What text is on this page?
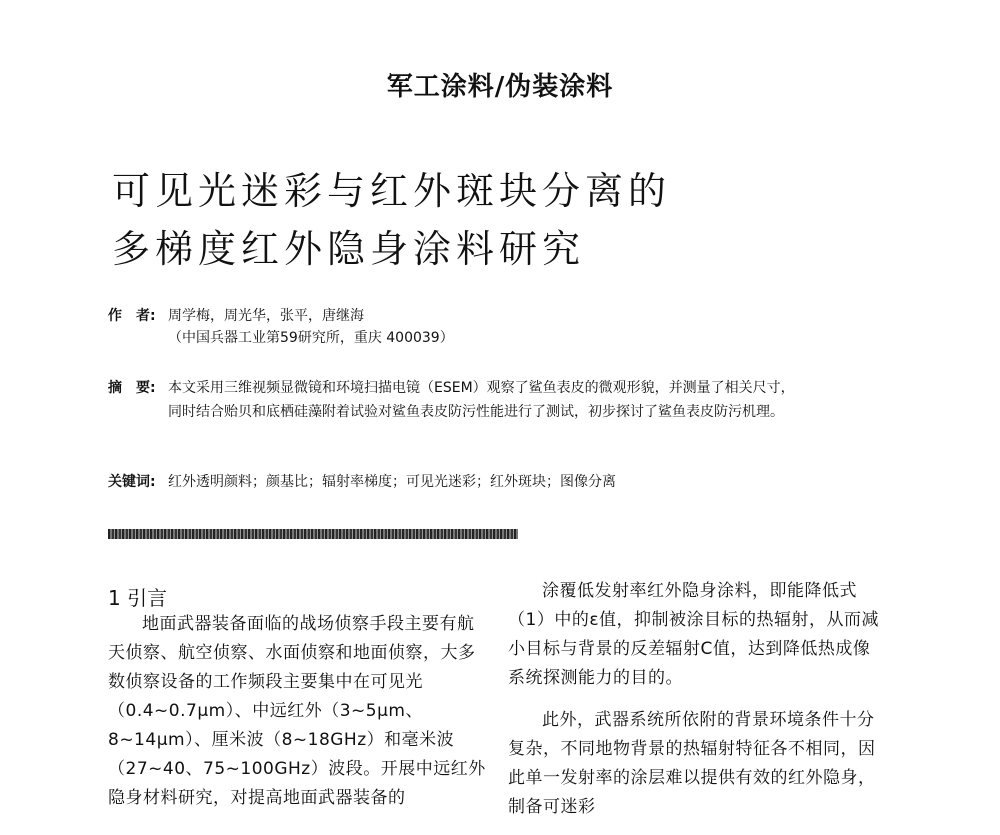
军工涂料/伪装涂料
可见光迷彩与红外斑块分离的
多梯度红外隐身涂料研究
作　者: 周学梅，周光华，张平，唐继海
（中国兵器工业第59研究所，重庆 400039）
摘　要: 本文采用三维视频显微镜和环境扫描电镜（ESEM）观察了鲨鱼表皮的微观形貌，并测量了相关尺寸，同时结合贻贝和底栖硅藻附着试验对鲨鱼表皮防污性能进行了测试，初步探讨了鲨鱼表皮防污机理。
关键词: 红外透明颜料；颜基比；辐射率梯度；可见光迷彩；红外斑块；图像分离
1 引言

地面武器装备面临的战场侦察手段主要有航天侦察、航空侦察、水面侦察和地面侦察，大多数侦察设备的工作频段主要集中在可见光（0.4~0.7μm）、中远红外（3~5μm、8~14μm）、厘米波（8~18GHz）和毫米波（27~40、75~100GHz）波段。开展中远红外隐身材料研究，对提高地面武器装备的

涂覆低发射率红外隐身涂料，即能降低式（1）中的ε值，抑制被涂目标的热辐射，从而减小目标与背景的反差辐射C值，达到降低热成像系统探测能力的目的。

此外，武器系统所依附的背景环境条件十分复杂，不同地物背景的热辐射特征各不相同，因此单一发射率的涂层难以提供有效的红外隐身，制备可迷彩
